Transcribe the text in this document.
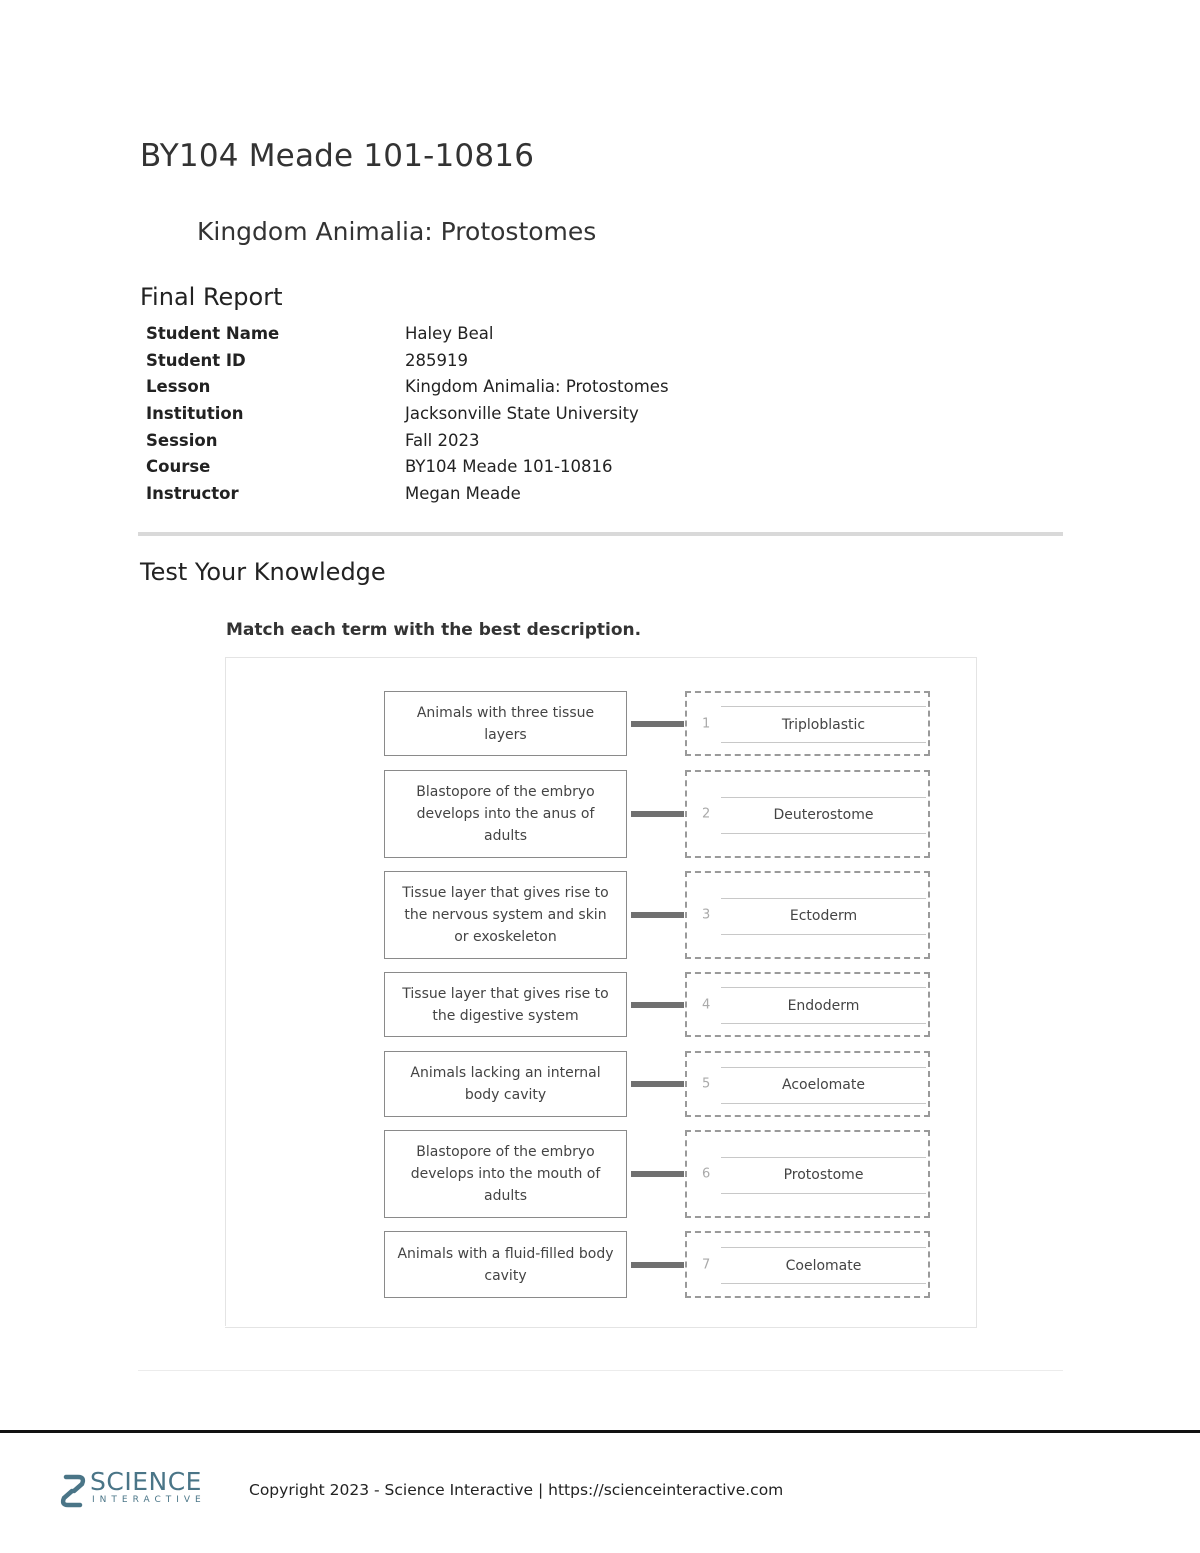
BY104 Meade 101-10816
Kingdom Animalia: Protostomes
Final Report
Student Name	Haley Beal
Student ID	285919
Lesson	Kingdom Animalia: Protostomes
Institution	Jacksonville State University
Session	Fall 2023
Course	BY104 Meade 101-10816
Instructor	Megan Meade
Test Your Knowledge
Match each term with the best description.
Animals with three tissue layers
1	Triploblastic
Blastopore of the embryo develops into the anus of adults
2	Deuterostome
Tissue layer that gives rise to the nervous system and skin or exoskeleton
3	Ectoderm
Tissue layer that gives rise to the digestive system
4	Endoderm
Animals lacking an internal body cavity
5	Acoelomate
Blastopore of the embryo develops into the mouth of adults
6	Protostome
Animals with a fluid-filled body cavity
7	Coelomate
SCIENCE
INTERACTIVE
Copyright 2023 - Science Interactive | https://scienceinteractive.com
